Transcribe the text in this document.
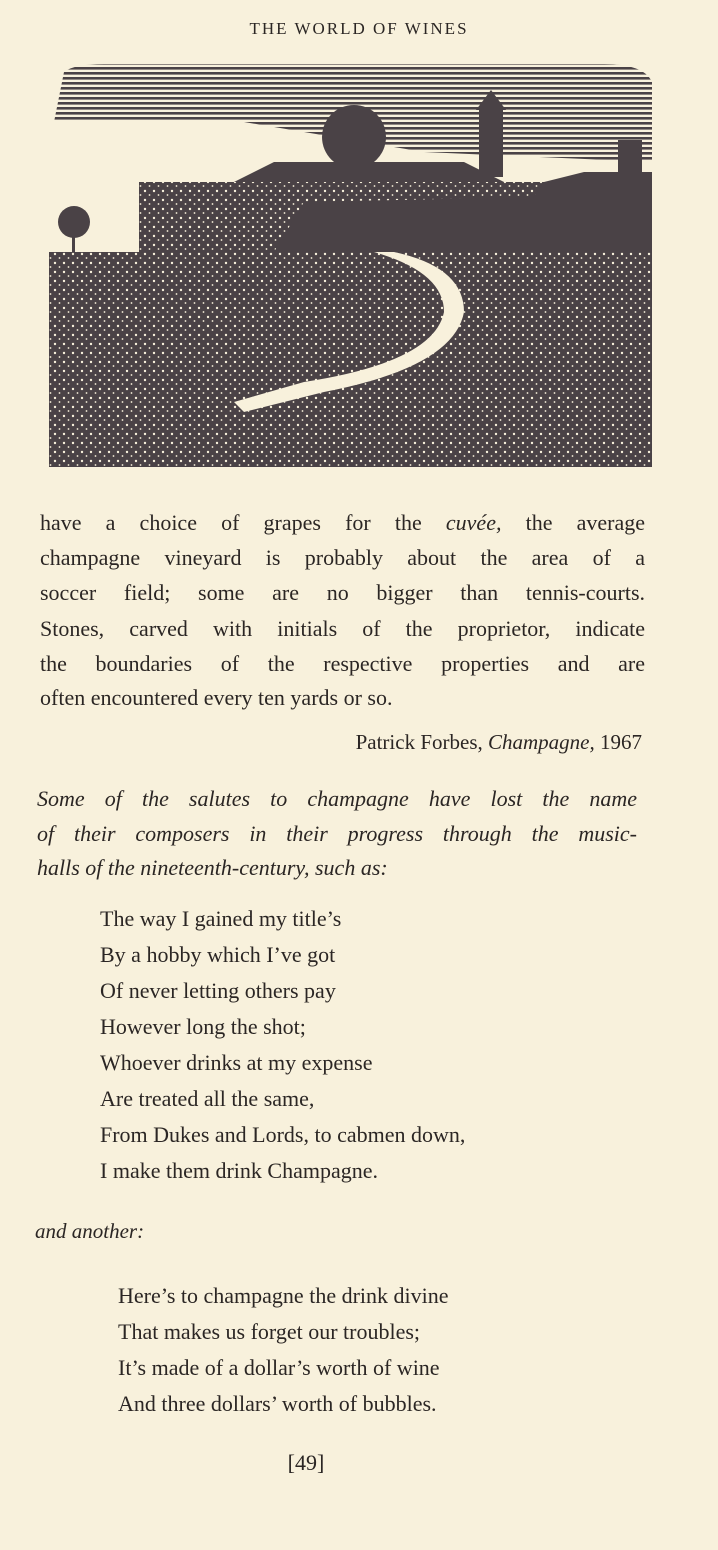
THE WORLD OF WINES
have a choice of grapes for the cuvée, the average
champagne vineyard is probably about the area of a
soccer field; some are no bigger than tennis-courts.
Stones, carved with initials of the proprietor, indicate
the boundaries of the respective properties and are
often encountered every ten yards or so.
Patrick Forbes, Champagne, 1967
Some of the salutes to champagne have lost the name
of their composers in their progress through the music-
halls of the nineteenth-century, such as:
The way I gained my title’s
By a hobby which I’ve got
Of never letting others pay
However long the shot;
Whoever drinks at my expense
Are treated all the same,
From Dukes and Lords, to cabmen down,
I make them drink Champagne.
and another:
Here’s to champagne the drink divine
That makes us forget our troubles;
It’s made of a dollar’s worth of wine
And three dollars’ worth of bubbles.
[49]
